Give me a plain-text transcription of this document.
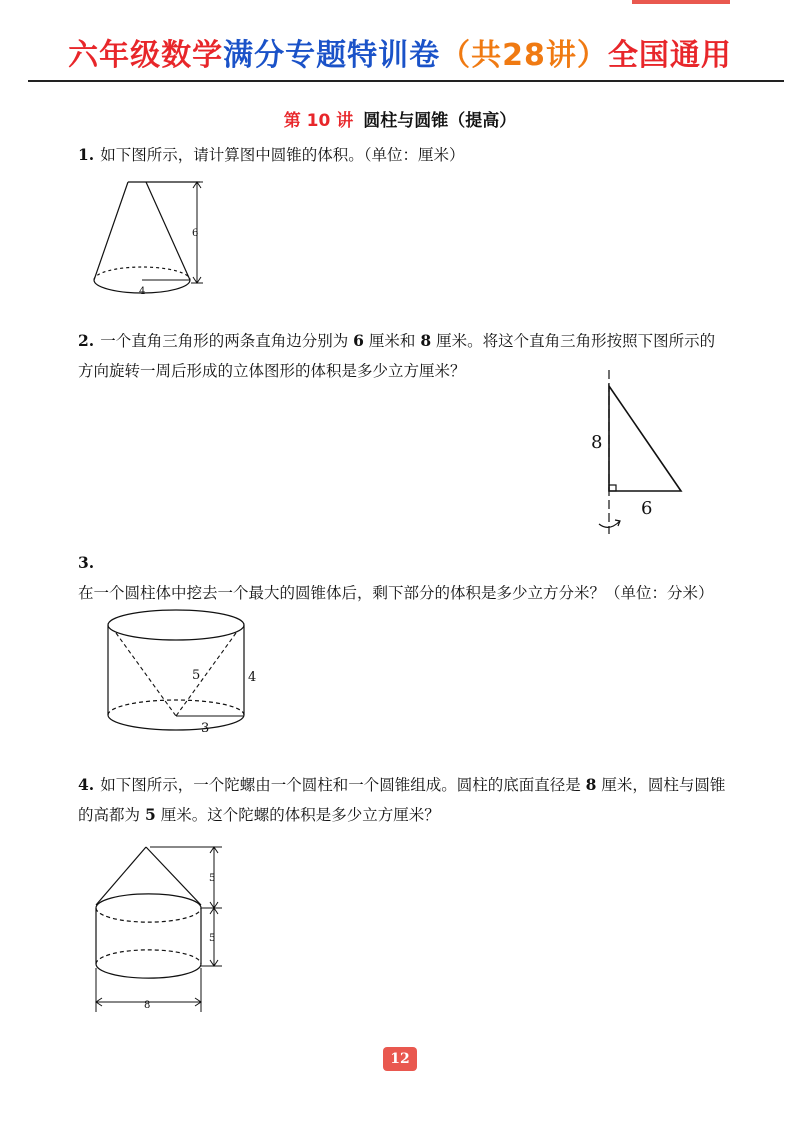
六年级数学满分专题特训卷（共28讲）全国通用
第 10 讲 圆柱与圆锥（提高）
1. 如下图所示，请计算图中圆锥的体积。（单位：厘米）
6
4
2. 一个直角三角形的两条直角边分别为 6 厘米和 8 厘米。将这个直角三角形按照下图所示的方向旋转一周后形成的立体图形的体积是多少立方厘米？
8
6
3.在一个圆柱体中挖去一个最大的圆锥体后，剩下部分的体积是多少立方分米？（单位：分米）
5	4
3
4. 如下图所示，一个陀螺由一个圆柱和一个圆锥组成。圆柱的底面直径是 8 厘米，圆柱与圆锥的高都为 5 厘米。这个陀螺的体积是多少立方厘米？
5
5
8
12
